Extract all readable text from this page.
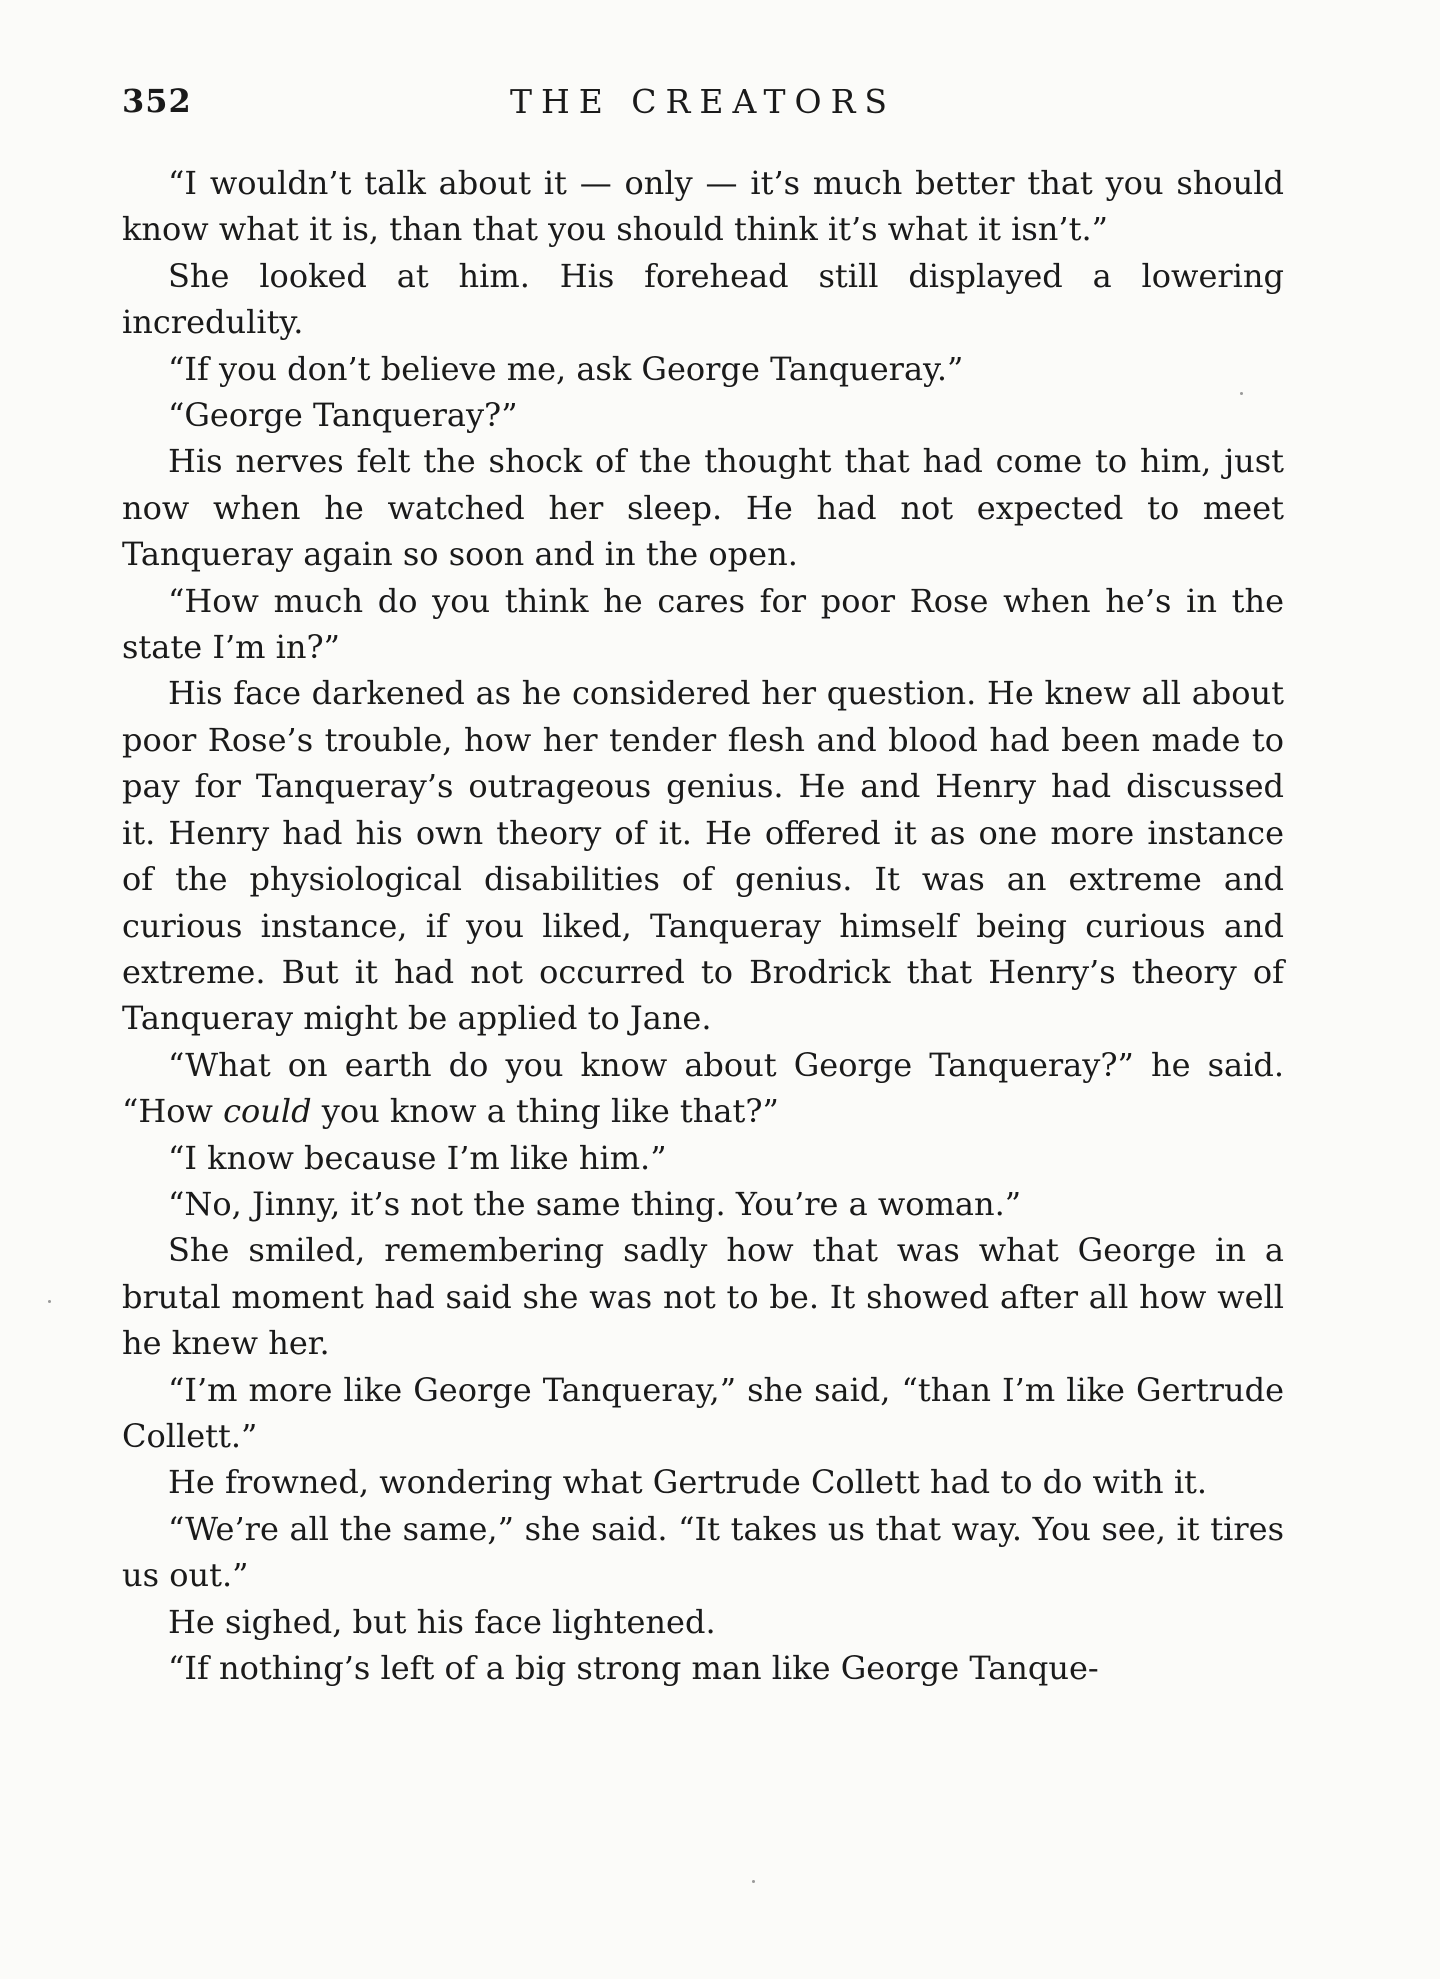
352	THE CREATORS

“I wouldn’t talk about it — only — it’s much better that you should know what it is, than that you should think it’s what it isn’t.”

She looked at him. His forehead still displayed a lowering incredulity.

“If you don’t believe me, ask George Tanqueray.”

“George Tanqueray?”

His nerves felt the shock of the thought that had come to him, just now when he watched her sleep. He had not expected to meet Tanqueray again so soon and in the open.

“How much do you think he cares for poor Rose when he’s in the state I’m in?”

His face darkened as he considered her question. He knew all about poor Rose’s trouble, how her tender flesh and blood had been made to pay for Tanqueray’s outrageous genius. He and Henry had discussed it. Henry had his own theory of it. He offered it as one more instance of the physiological disabilities of genius. It was an extreme and curious instance, if you liked, Tanqueray himself being curious and extreme. But it had not occurred to Brodrick that Henry’s theory of Tanqueray might be applied to Jane.

“What on earth do you know about George Tanqueray?” he said. “How could you know a thing like that?”

“I know because I’m like him.”

“No, Jinny, it’s not the same thing. You’re a woman.”

She smiled, remembering sadly how that was what George in a brutal moment had said she was not to be. It showed after all how well he knew her.

“I’m more like George Tanqueray,” she said, “than I’m like Gertrude Collett.”

He frowned, wondering what Gertrude Collett had to do with it.

“We’re all the same,” she said. “It takes us that way. You see, it tires us out.”

He sighed, but his face lightened.

“If nothing’s left of a big strong man like George Tanque-
